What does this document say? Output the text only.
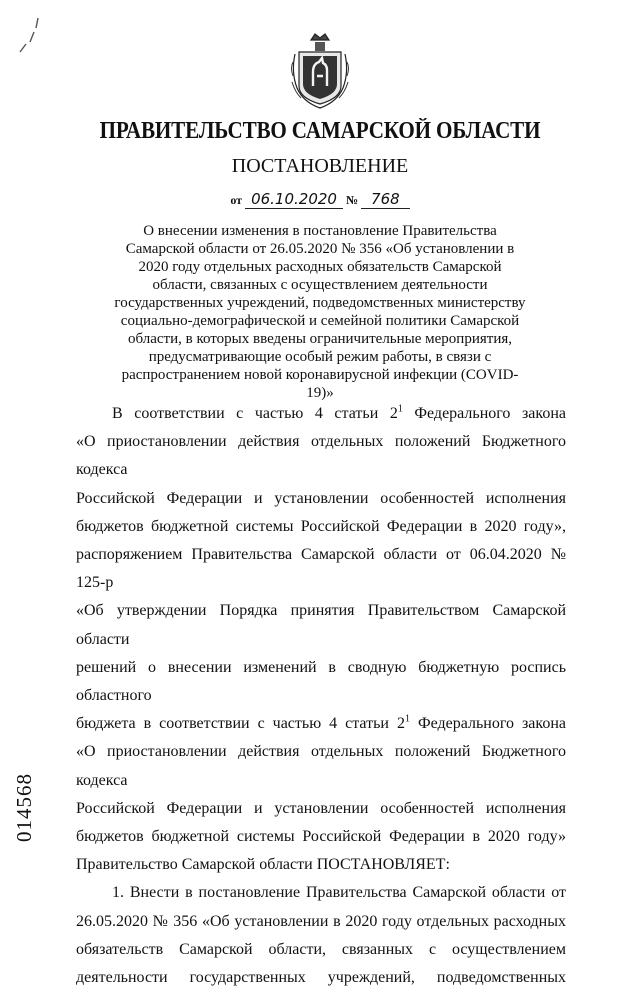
ПРАВИТЕЛЬСТВО САМАРСКОЙ ОБЛАСТИ
ПОСТАНОВЛЕНИЕ
от 06.10.2020 № 768
О внесении изменения в постановление Правительства Самарской области от 26.05.2020 № 356 «Об установлении в 2020 году отдельных расходных обязательств Самарской области, связанных с осуществлением деятельности государственных учреждений, подведомственных министерству социально-демографической и семейной политики Самарской области, в которых введены ограничительные мероприятия, предусматривающие особый режим работы, в связи с распространением новой коронавирусной инфекции (COVID-19)»

В соответствии с частью 4 статьи $2^1$ Федерального закона

«О приостановлении действия отдельных положений Бюджетного кодекса

Российской Федерации и установлении особенностей исполнения

бюджетов бюджетной системы Российской Федерации в 2020 году»,

распоряжением Правительства Самарской области от 06.04.2020 № 125-р

«Об утверждении Порядка принятия Правительством Самарской области

решений о внесении изменений в сводную бюджетную роспись областного

бюджета в соответствии с частью 4 статьи $2^1$ Федерального закона

«О приостановлении действия отдельных положений Бюджетного кодекса

Российской Федерации и установлении особенностей исполнения

бюджетов бюджетной системы Российской Федерации в 2020 году»

Правительство Самарской области ПОСТАНОВЛЯЕТ:

1. Внести в постановление Правительства Самарской области от

26.05.2020 № 356 «Об установлении в 2020 году отдельных расходных

обязательств Самарской области, связанных с осуществлением

деятельности государственных учреждений, подведомственных

014568
